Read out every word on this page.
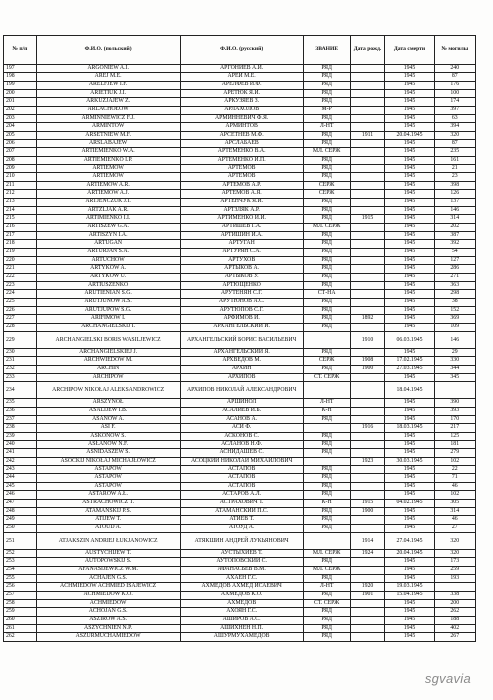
№ п/п	Ф.И.О. (польский)	Ф.И.О. (русский)	ЗВАНИЕ	Дата рожд.	Дата смерти	№ могилы
197	ARGONIEW A.I.	АРГОНИЕВ А.И.	РЯД		1945	240
198	AREJ M.E.	АРЕЙ М.Е.	РЯД		1945	87
199	ARELFJEW I.F.	АРЕЛФЕВ И.Ф.	РЯД		1945	176
200	ARIETIUK J.I.	АРЕТЮК Я.И.	РЯД		1945	100
201	ARKUZJAJEW Z.	АРКУЗЯЕВ З.	РЯД		1945	174
202	ARLACHOŁOW	АРЛАХОЛОВ	М-Р		1945	397
203	ARMINNIEWICZ F.J.	АРМИННЕВИЧ Ф.Я.	РЯД		1945	63
204	ARMINTOW	АРМИНТОВ	Л-НТ		1945	394
205	ARSETNIEW M.F.	АРСЕТНЕВ М.Ф.	РЯД	1911	20.04.1945	320
206	ARSLABAJEW	АРСЛАБАЕВ	РЯД		1945	87
207	ARTIEMIENKO W.A.	АРТЕМЕНКО В.А.	МЛ. СЕРЖ		1945	235
208	ARTIEMIENKO I.P.	АРТЕМЕНКО И.П.	РЯД		1945	161
209	ARTIEMOW	АРТЁМОВ	РЯД		1945	21
210	ARTIEMOW	АРТЁМОВ	РЯД		1945	23
211	ARTIEMOW A.R.	АРТЁМОВ А.Р.	СЕРЖ		1945	398
212	ARTIEMOW A.J.	АРТЁМОВ А.Я.	СЕРЖ		1945	126
213	ARTJENCZUK J.I.	АРТЕНЧУК Я.И.	РЯД		1945	137
214	ARTZLJAK A.R.	АРТЗЛЯК А.Р.	РЯД		1945	146
215	ARTIMIENKO I.I.	АРТИМЕНКО И.И.	РЯД	1915	1945	314
216	ARTISZEW G.A.	АРТИШЕВ Г.А.	МЛ. СЕРЖ		1945	202
217	ARTISZYN I.A.	АРТИШИН И.А.	РЯД		1945	387
218	ARTUGAN	АРТУГАН	РЯД		1945	392
219	ARTURJAN S.A.	АРТУРЯН С.А.	РЯД		1945	54
220	ARTUCHOW	АРТУХОВ	РЯД		1945	127
221	ARTYKOW A.	АРТЫКОВ А.	РЯД		1945	286
222	ARTYKOW U.	АРТЫКОВ У.	РЯД		1945	271
223	ARTIUSZENKO	АРТЮЩЕНКО	РЯД		1945	363
224	ARUTIENIAN S.G.	АРУТЕНЯН С.Г.	СТ-НА		1945	298
225	ARUTJUNOW A.S.	АРУТЮНОВ А.С.	РЯД		1945	38
226	ARUTJUPOW S.G.	АРУТЮПОВ С.Г.	РЯД		1945	152
227	ARIFIMOW I.	АРФИМОВ И.	РЯД	1892	1945	369
228	ARCHANGIELSKIJ I.	АРХАНГЕЛЬСКИЙ И.	РЯД		1945	109
229	ARCHANGIELSKI BORIS WASILJEWICZ	АРХАНГЕЛЬСКИЙ БОРИС ВАСИЛЬЕВИЧ		1910	06.03.1945	146
230	ARCHANGIELSKIEJ J.	АРХАНГЕЛЬСКИЙ Я.	РЯД		1945	29
231	ARCHWIEDOW M.	АРХВЕДОВ М.	СЕРЖ	1908	17.02.1945	330
232	ARCHIN	АРХИН	РЯД	1900	27.03.1945	344
233	ARCHIPOW	АРХИПОВ	СТ. СЕРЖ		1945	345
234	ARCHIPOW NIKOŁAJ ALEKSANDROWICZ	АРХИПОВ НИКОЛАЙ АЛЕКСАНДРОВИЧ			18.04.1945	
235	ARSZYNOŁ	АРШИНОЛ	Л-НТ		1945	390
236	ASALIJEW I.B.	АСАЛИЕВ И.Б.	К-Н		1945	393
237	ASANOW A.	АСАНОВ А.	РЯД		1945	170
238	ASI F.	АСИ Ф.		1916	18.03.1945	217
239	ASKONOW S.	АСКОНОВ С.	РЯД		1945	125
240	ASŁANOW N.F.	АСЛАНОВ Н.Ф.	РЯД		1945	181
241	ASNIDASZEW S.	АСНИДАШЕВ С.	РЯД		1945	279
242	ASOCKIJ NIKOŁAJ MICHAJŁOWICZ	АСОЦКИЙ НИКОЛАЙ МИХАЙЛОВИЧ		1923	30.03.1945	102
243	ASTAPOW	АСТАПОВ	РЯД		1945	22
244	ASTAPOW	АСТАПОВ	РЯД		1945	71
245	ASTAPOW	АСТАПОВ	РЯД		1945	46
246	ASTAROW A.Ł.	АСТАРОВ А.Л.	РЯД		1945	102
247	ASTRACHOWICZ T.	АСТРАХОВИЧ Т.	К-Н	1915	04.02.1945	305
248	ATAMANSKIJ P.S.	АТАМАНСКИЙ П.С.	РЯД	1900	1945	314
249	ATIJEW T.	АТИЕВ Т.	РЯД		1945	46
250	ATOUD A.	АТОУД А.	РЯД		1945	27
251	ATJAKSZIN ANDRIEJ ŁUKJANOWICZ	АТЯКШИН АНДРЕЙ ЛУКЬЯНОВИЧ		1914	27.04.1945	320
252	AUSTYCHIJEW T.	АУСТЫХИЕВ Т.	МЛ. СЕРЖ	1924	20.04.1945	320
253	AUTOPOWSKIJ S.	АУТОПОВСКИЙ С.	РЯД		1945	173
254	AFANASIJEWICZ W.M.	АФАНАСЬЕВ В.М.	МЛ. СЕРЖ		1945	259
255	ACHAJEN G.S.	АХАЕН Г.С.	РЯД		1945	193
256	ACHMIEDOW ACHMIED ISAJEWICZ	АХМЕДОВ АХМЕД ИСАЕВИЧ	Л-НТ	1920	19.03.1945	
257	ACHMIEDOW K.O.	АХМЕДОВ К.О.	РЯД	1901	15.04.1945	338
258	ACHMIEDOW	АХМЕДОВ	СТ. СЕРЖ		1945	200
259	ACHOJAN G.S.	АХОЯН Г.С.	РЯД		1945	262
260	ASZIROW A.S.	АШИРОВ А.С.	РЯД		1945	188
261	ASZYCHNIEN N.P.	АШИХНЕН Н.П.	РЯД		1945	402
262	ASZURMUCHAMIEDOW	АШУРМУХАМЕДОВ	РЯД		1945	267
sgvavia
